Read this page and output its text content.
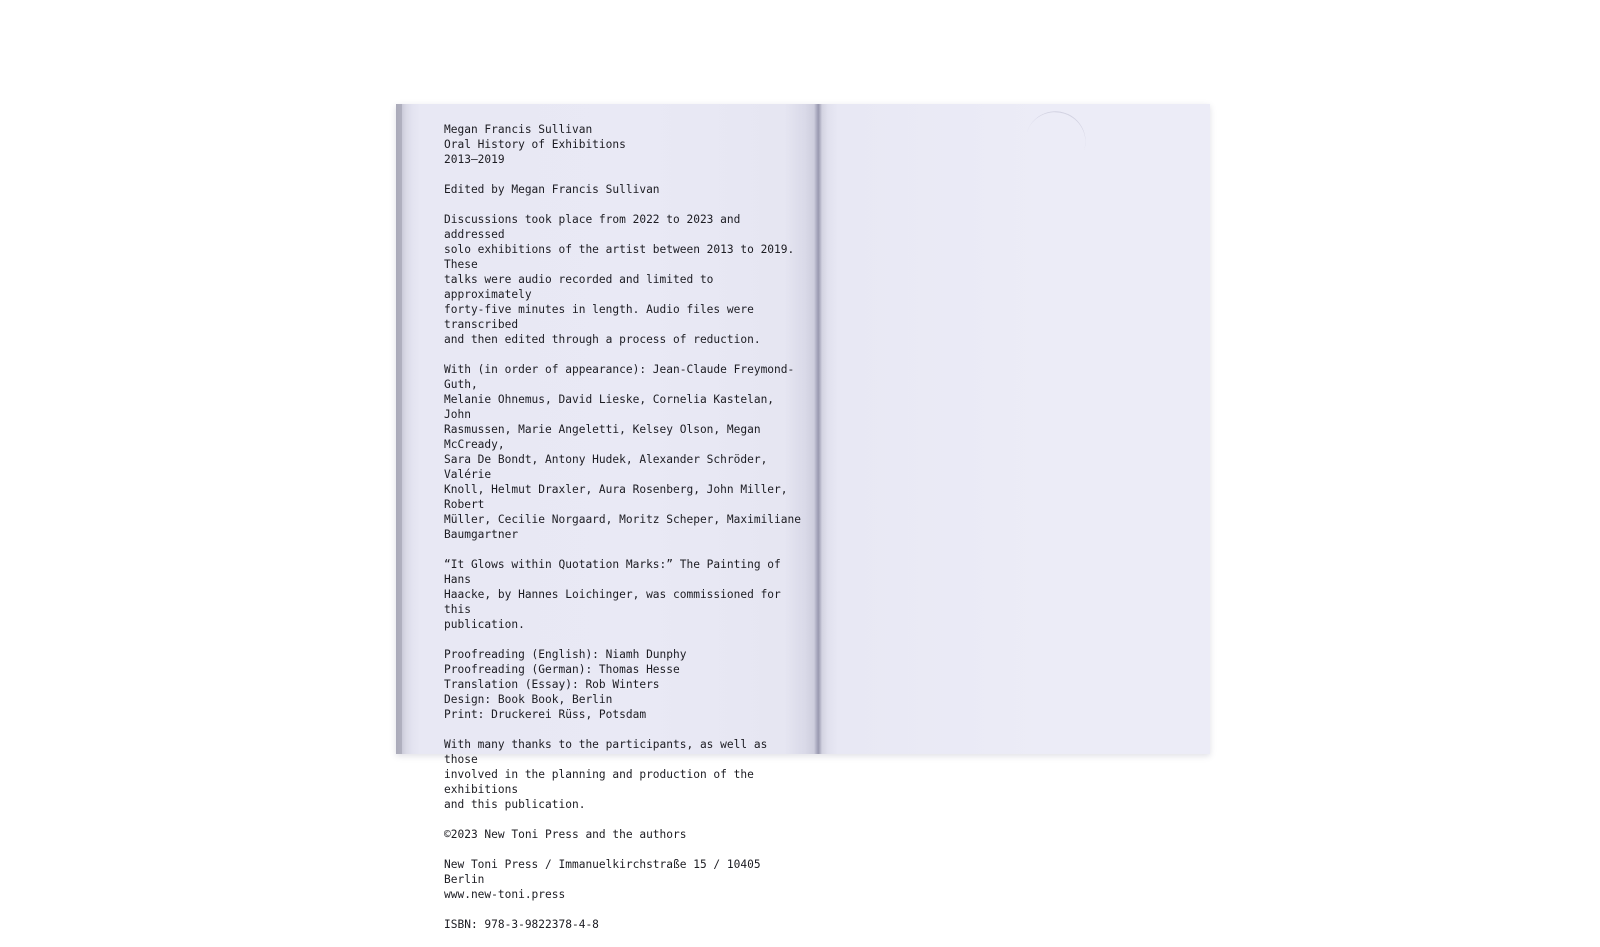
Megan Francis Sullivan
Oral History of Exhibitions
2013–2019

Edited by Megan Francis Sullivan

Discussions took place from 2022 to 2023 and addressed
solo exhibitions of the artist between 2013 to 2019. These
talks were audio recorded and limited to approximately
forty-five minutes in length. Audio files were transcribed
and then edited through a process of reduction.

With (in order of appearance): Jean-Claude Freymond-Guth,
Melanie Ohnemus, David Lieske, Cornelia Kastelan, John
Rasmussen, Marie Angeletti, Kelsey Olson, Megan McCready,
Sara De Bondt, Antony Hudek, Alexander Schröder, Valérie
Knoll, Helmut Draxler, Aura Rosenberg, John Miller, Robert
Müller, Cecilie Norgaard, Moritz Scheper, Maximiliane
Baumgartner

“It Glows within Quotation Marks:” The Painting of Hans
Haacke, by Hannes Loichinger, was commissioned for this
publication.

Proofreading (English): Niamh Dunphy
Proofreading (German): Thomas Hesse
Translation (Essay): Rob Winters
Design: Book Book, Berlin
Print: Druckerei Rüss, Potsdam

With many thanks to the participants, as well as those
involved in the planning and production of the exhibitions
and this publication.

©2023 New Toni Press and the authors

New Toni Press / Immanuelkirchstraße 15 / 10405 Berlin
www.new-toni.press

ISBN: 978-3-9822378-4-8
